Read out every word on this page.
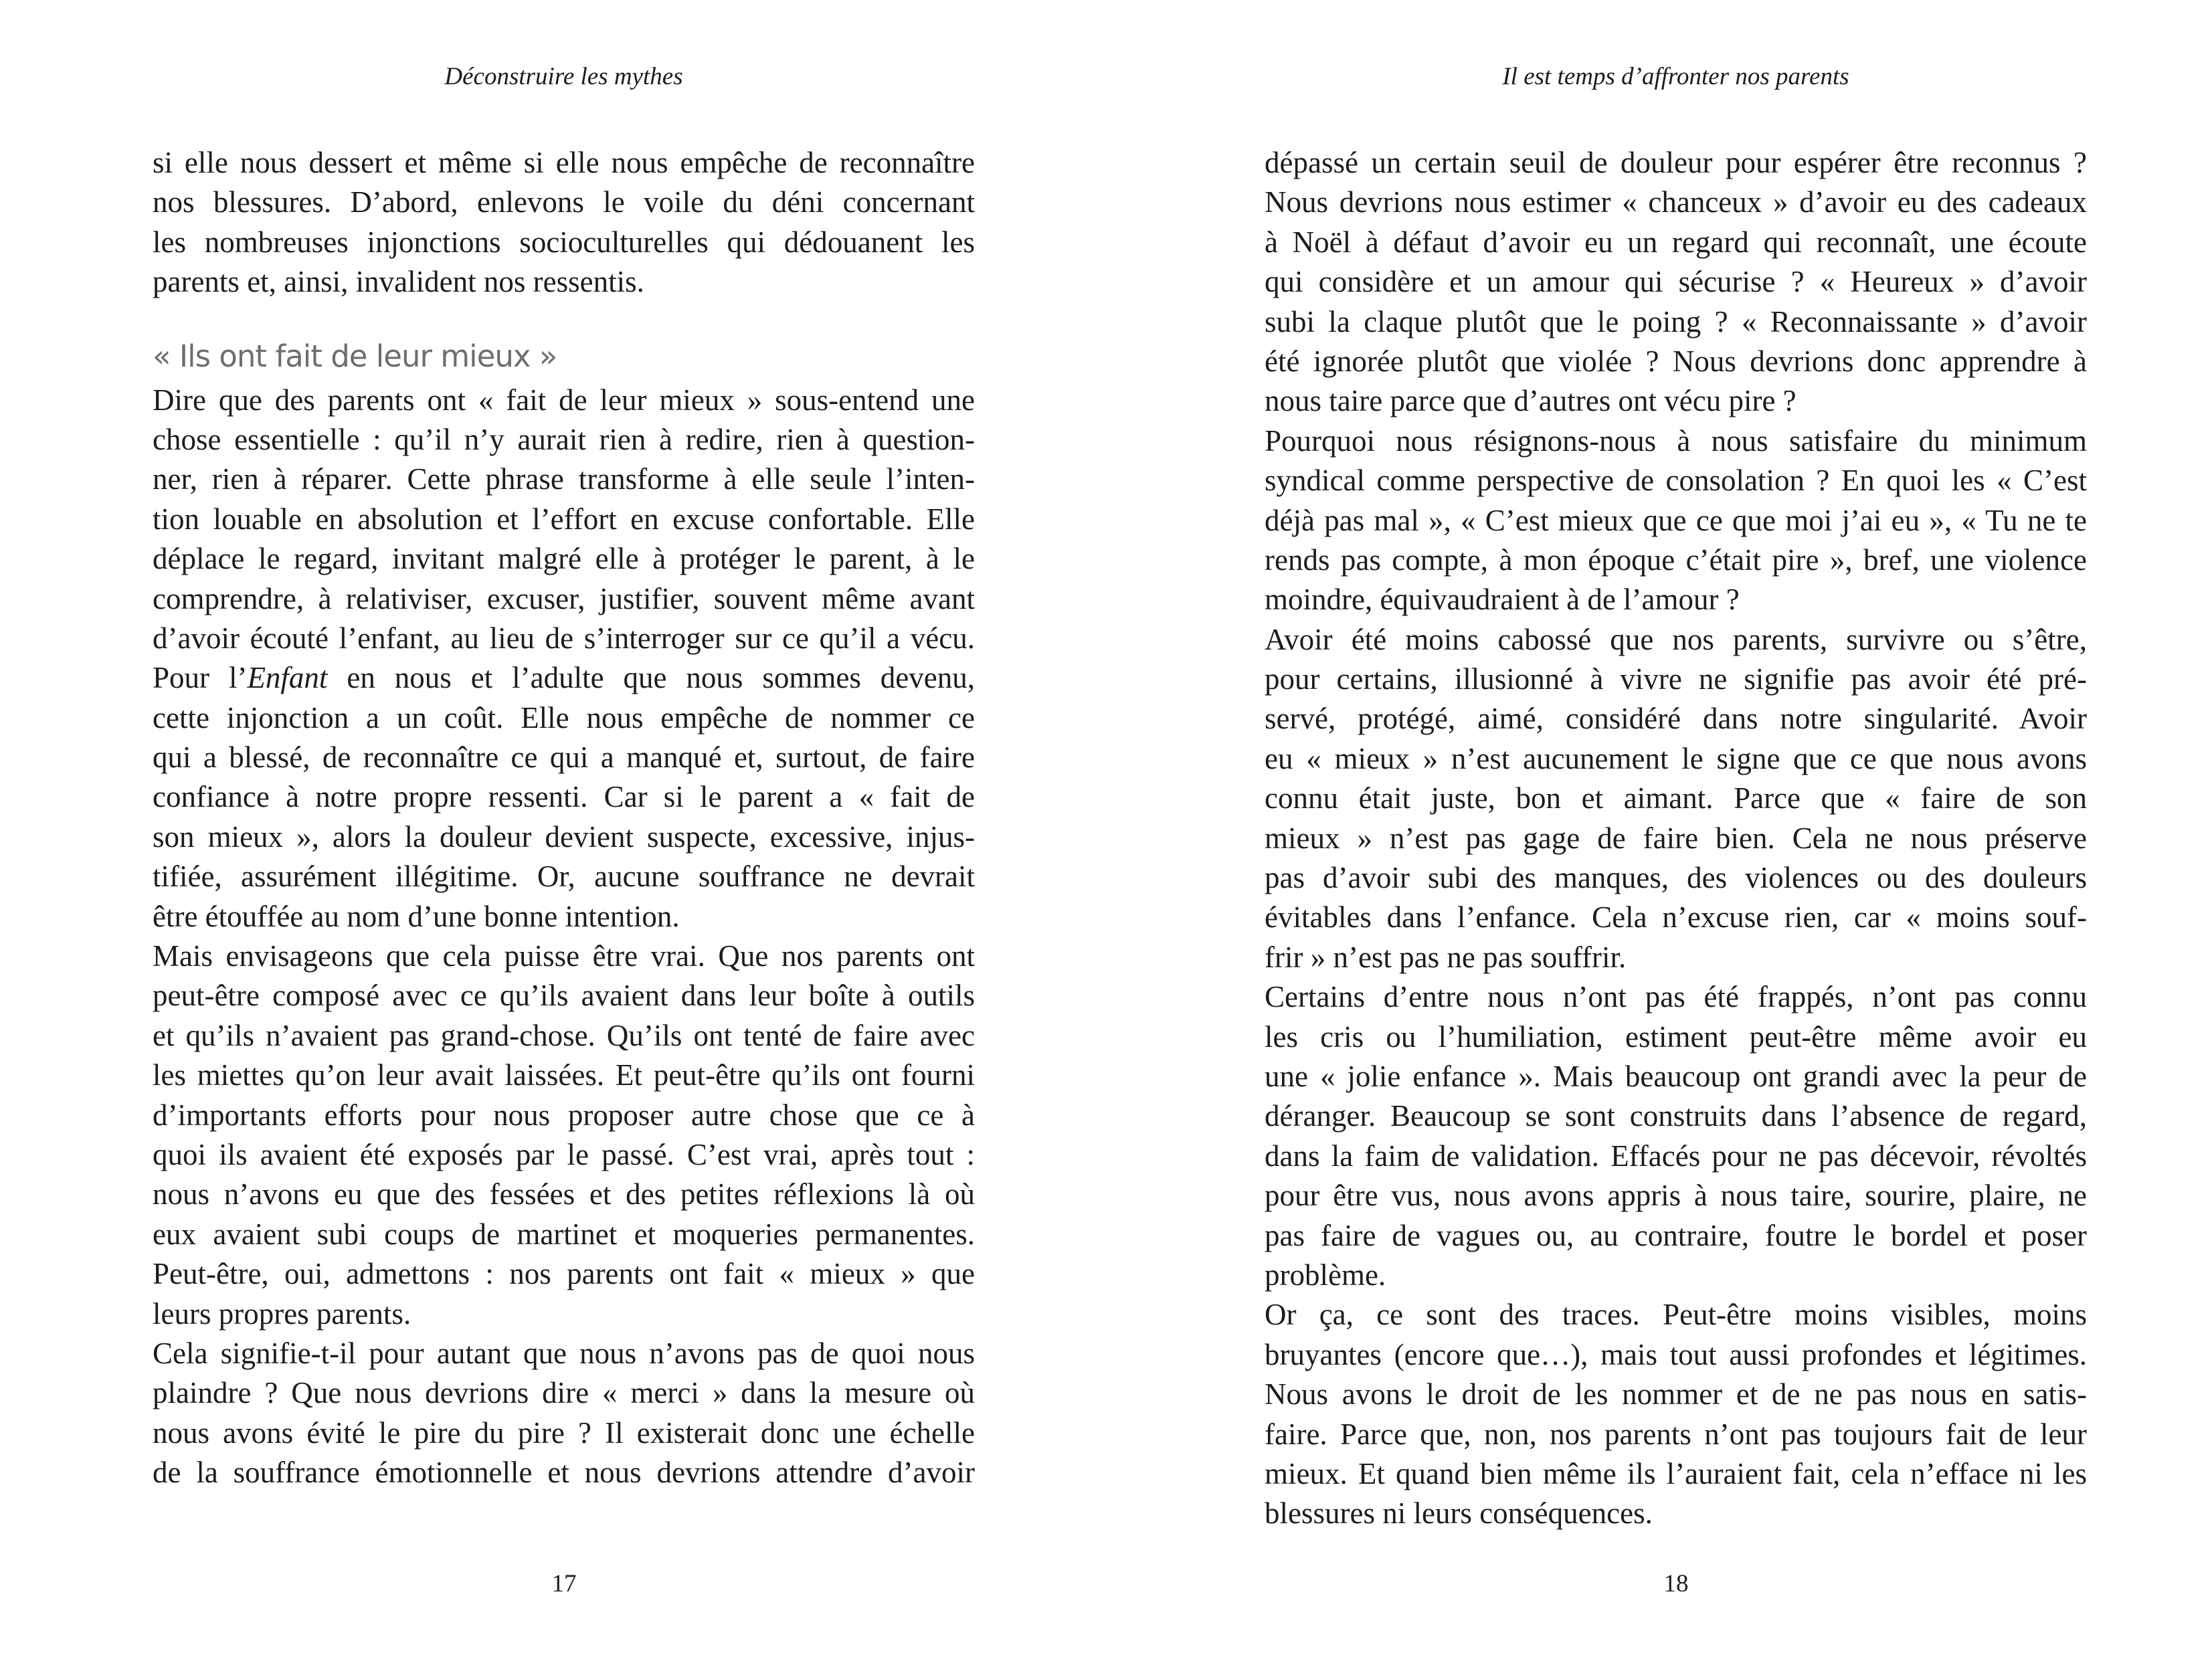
Déconstruire les mythes
si elle nous dessert et même si elle nous empêche de reconnaître
nos blessures. D’abord, enlevons le voile du déni concernant
les nombreuses injonctions socioculturelles qui dédouanent les
parents et, ainsi, invalident nos ressentis.
« Ils ont fait de leur mieux »
Dire que des parents ont « fait de leur mieux » sous-entend une
chose essentielle : qu’il n’y aurait rien à redire, rien à question-
ner, rien à réparer. Cette phrase transforme à elle seule l’inten-
tion louable en absolution et l’effort en excuse confortable. Elle
déplace le regard, invitant malgré elle à protéger le parent, à le
comprendre, à relativiser, excuser, justifier, souvent même avant
d’avoir écouté l’enfant, au lieu de s’interroger sur ce qu’il a vécu.
Pour l’Enfant en nous et l’adulte que nous sommes devenu,
cette injonction a un coût. Elle nous empêche de nommer ce
qui a blessé, de reconnaître ce qui a manqué et, surtout, de faire
confiance à notre propre ressenti. Car si le parent a « fait de
son mieux », alors la douleur devient suspecte, excessive, injus-
tifiée, assurément illégitime. Or, aucune souffrance ne devrait
être étouffée au nom d’une bonne intention.
Mais envisageons que cela puisse être vrai. Que nos parents ont
peut-être composé avec ce qu’ils avaient dans leur boîte à outils
et qu’ils n’avaient pas grand-chose. Qu’ils ont tenté de faire avec
les miettes qu’on leur avait laissées. Et peut-être qu’ils ont fourni
d’importants efforts pour nous proposer autre chose que ce à
quoi ils avaient été exposés par le passé. C’est vrai, après tout :
nous n’avons eu que des fessées et des petites réflexions là où
eux avaient subi coups de martinet et moqueries permanentes.
Peut-être, oui, admettons : nos parents ont fait « mieux » que
leurs propres parents.
Cela signifie-t-il pour autant que nous n’avons pas de quoi nous
plaindre ? Que nous devrions dire « merci » dans la mesure où
nous avons évité le pire du pire ? Il existerait donc une échelle
de la souffrance émotionnelle et nous devrions attendre d’avoir
17
Il est temps d’affronter nos parents
dépassé un certain seuil de douleur pour espérer être reconnus ?
Nous devrions nous estimer « chanceux » d’avoir eu des cadeaux
à Noël à défaut d’avoir eu un regard qui reconnaît, une écoute
qui considère et un amour qui sécurise ? « Heureux » d’avoir
subi la claque plutôt que le poing ? « Reconnaissante » d’avoir
été ignorée plutôt que violée ? Nous devrions donc apprendre à
nous taire parce que d’autres ont vécu pire ?
Pourquoi nous résignons-nous à nous satisfaire du minimum
syndical comme perspective de consolation ? En quoi les « C’est
déjà pas mal », « C’est mieux que ce que moi j’ai eu », « Tu ne te
rends pas compte, à mon époque c’était pire », bref, une violence
moindre, équivaudraient à de l’amour ?
Avoir été moins cabossé que nos parents, survivre ou s’être,
pour certains, illusionné à vivre ne signifie pas avoir été pré-
servé, protégé, aimé, considéré dans notre singularité. Avoir
eu « mieux » n’est aucunement le signe que ce que nous avons
connu était juste, bon et aimant. Parce que « faire de son
mieux » n’est pas gage de faire bien. Cela ne nous préserve
pas d’avoir subi des manques, des violences ou des douleurs
évitables dans l’enfance. Cela n’excuse rien, car « moins souf-
frir » n’est pas ne pas souffrir.
Certains d’entre nous n’ont pas été frappés, n’ont pas connu
les cris ou l’humiliation, estiment peut-être même avoir eu
une « jolie enfance ». Mais beaucoup ont grandi avec la peur de
déranger. Beaucoup se sont construits dans l’absence de regard,
dans la faim de validation. Effacés pour ne pas décevoir, révoltés
pour être vus, nous avons appris à nous taire, sourire, plaire, ne
pas faire de vagues ou, au contraire, foutre le bordel et poser
problème.
Or ça, ce sont des traces. Peut-être moins visibles, moins
bruyantes (encore que…), mais tout aussi profondes et légitimes.
Nous avons le droit de les nommer et de ne pas nous en satis-
faire. Parce que, non, nos parents n’ont pas toujours fait de leur
mieux. Et quand bien même ils l’auraient fait, cela n’efface ni les
blessures ni leurs conséquences.
18
